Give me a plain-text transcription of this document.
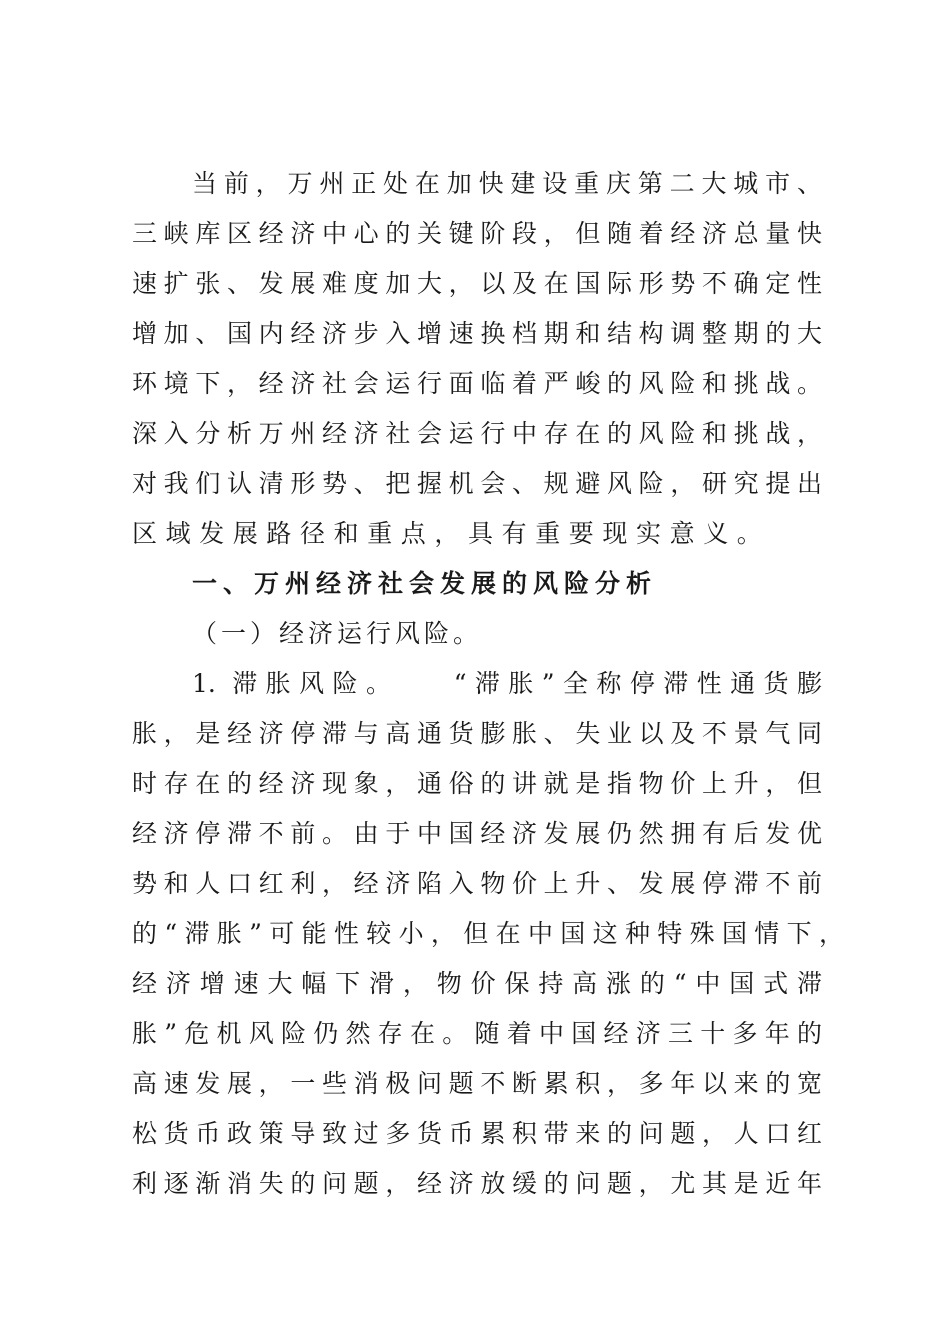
当前，万州正处在加快建设重庆第二大城市、
三峡库区经济中心的关键阶段，但随着经济总量快
速扩张、发展难度加大，以及在国际形势不确定性
增加、国内经济步入增速换档期和结构调整期的大
环境下，经济社会运行面临着严峻的风险和挑战。
深入分析万州经济社会运行中存在的风险和挑战，
对我们认清形势、把握机会、规避风险，研究提出
区域发展路径和重点，具有重要现实意义。
一、万州经济社会发展的风险分析
（一）经济运行风险。
1. 滞胀风险。　　“滞胀”全称停滞性通货膨
胀，是经济停滞与高通货膨胀、失业以及不景气同
时存在的经济现象，通俗的讲就是指物价上升，但
经济停滞不前。由于中国经济发展仍然拥有后发优
势和人口红利，经济陷入物价上升、发展停滞不前
的“滞胀”可能性较小，但在中国这种特殊国情下，
经济增速大幅下滑，物价保持高涨的“中国式滞
胀”危机风险仍然存在。随着中国经济三十多年的
高速发展，一些消极问题不断累积，多年以来的宽
松货币政策导致过多货币累积带来的问题，人口红
利逐渐消失的问题，经济放缓的问题，尤其是近年
